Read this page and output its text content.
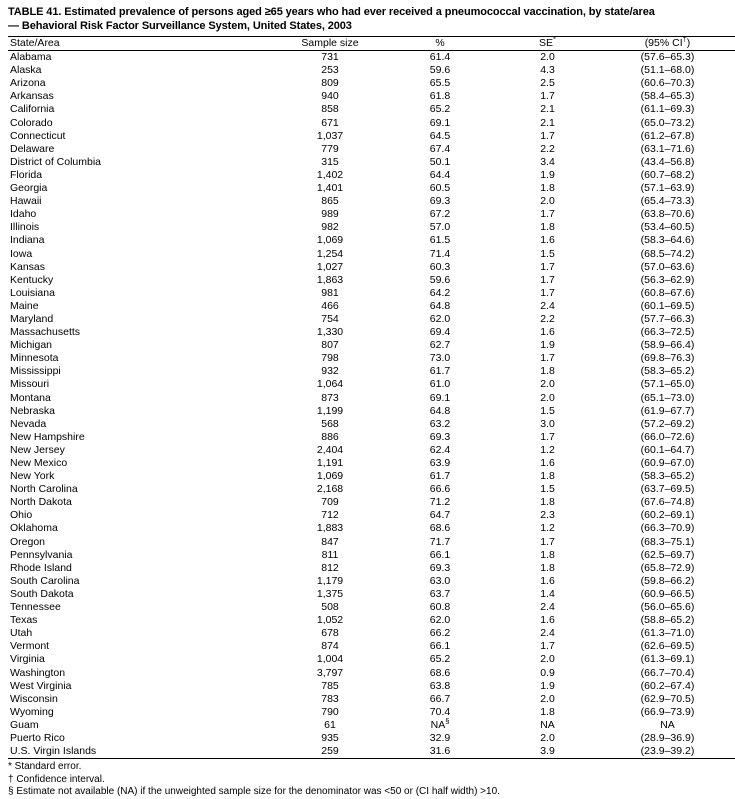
TABLE 41. Estimated prevalence of persons aged ≥65 years who had ever received a pneumococcal vaccination, by state/area
— Behavioral Risk Factor Surveillance System, United States, 2003
State/Area	Sample size	%	SE*	(95% CI†)
Alabama	731	61.4	2.0	(57.6–65.3)
Alaska	253	59.6	4.3	(51.1–68.0)
Arizona	809	65.5	2.5	(60.6–70.3)
Arkansas	940	61.8	1.7	(58.4–65.3)
California	858	65.2	2.1	(61.1–69.3)
Colorado	671	69.1	2.1	(65.0–73.2)
Connecticut	1,037	64.5	1.7	(61.2–67.8)
Delaware	779	67.4	2.2	(63.1–71.6)
District of Columbia	315	50.1	3.4	(43.4–56.8)
Florida	1,402	64.4	1.9	(60.7–68.2)
Georgia	1,401	60.5	1.8	(57.1–63.9)
Hawaii	865	69.3	2.0	(65.4–73.3)
Idaho	989	67.2	1.7	(63.8–70.6)
Illinois	982	57.0	1.8	(53.4–60.5)
Indiana	1,069	61.5	1.6	(58.3–64.6)
Iowa	1,254	71.4	1.5	(68.5–74.2)
Kansas	1,027	60.3	1.7	(57.0–63.6)
Kentucky	1,863	59.6	1.7	(56.3–62.9)
Louisiana	981	64.2	1.7	(60.8–67.6)
Maine	466	64.8	2.4	(60.1–69.5)
Maryland	754	62.0	2.2	(57.7–66.3)
Massachusetts	1,330	69.4	1.6	(66.3–72.5)
Michigan	807	62.7	1.9	(58.9–66.4)
Minnesota	798	73.0	1.7	(69.8–76.3)
Mississippi	932	61.7	1.8	(58.3–65.2)
Missouri	1,064	61.0	2.0	(57.1–65.0)
Montana	873	69.1	2.0	(65.1–73.0)
Nebraska	1,199	64.8	1.5	(61.9–67.7)
Nevada	568	63.2	3.0	(57.2–69.2)
New Hampshire	886	69.3	1.7	(66.0–72.6)
New Jersey	2,404	62.4	1.2	(60.1–64.7)
New Mexico	1,191	63.9	1.6	(60.9–67.0)
New York	1,069	61.7	1.8	(58.3–65.2)
North Carolina	2,168	66.6	1.5	(63.7–69.5)
North Dakota	709	71.2	1.8	(67.6–74.8)
Ohio	712	64.7	2.3	(60.2–69.1)
Oklahoma	1,883	68.6	1.2	(66.3–70.9)
Oregon	847	71.7	1.7	(68.3–75.1)
Pennsylvania	811	66.1	1.8	(62.5–69.7)
Rhode Island	812	69.3	1.8	(65.8–72.9)
South Carolina	1,179	63.0	1.6	(59.8–66.2)
South Dakota	1,375	63.7	1.4	(60.9–66.5)
Tennessee	508	60.8	2.4	(56.0–65.6)
Texas	1,052	62.0	1.6	(58.8–65.2)
Utah	678	66.2	2.4	(61.3–71.0)
Vermont	874	66.1	1.7	(62.6–69.5)
Virginia	1,004	65.2	2.0	(61.3–69.1)
Washington	3,797	68.6	0.9	(66.7–70.4)
West Virginia	785	63.8	1.9	(60.2–67.4)
Wisconsin	783	66.7	2.0	(62.9–70.5)
Wyoming	790	70.4	1.8	(66.9–73.9)
Guam	61	NA§	NA	NA
Puerto Rico	935	32.9	2.0	(28.9–36.9)
U.S. Virgin Islands	259	31.6	3.9	(23.9–39.2)
* Standard error.
† Confidence interval.
§ Estimate not available (NA) if the unweighted sample size for the denominator was <50 or (CI half width) >10.
